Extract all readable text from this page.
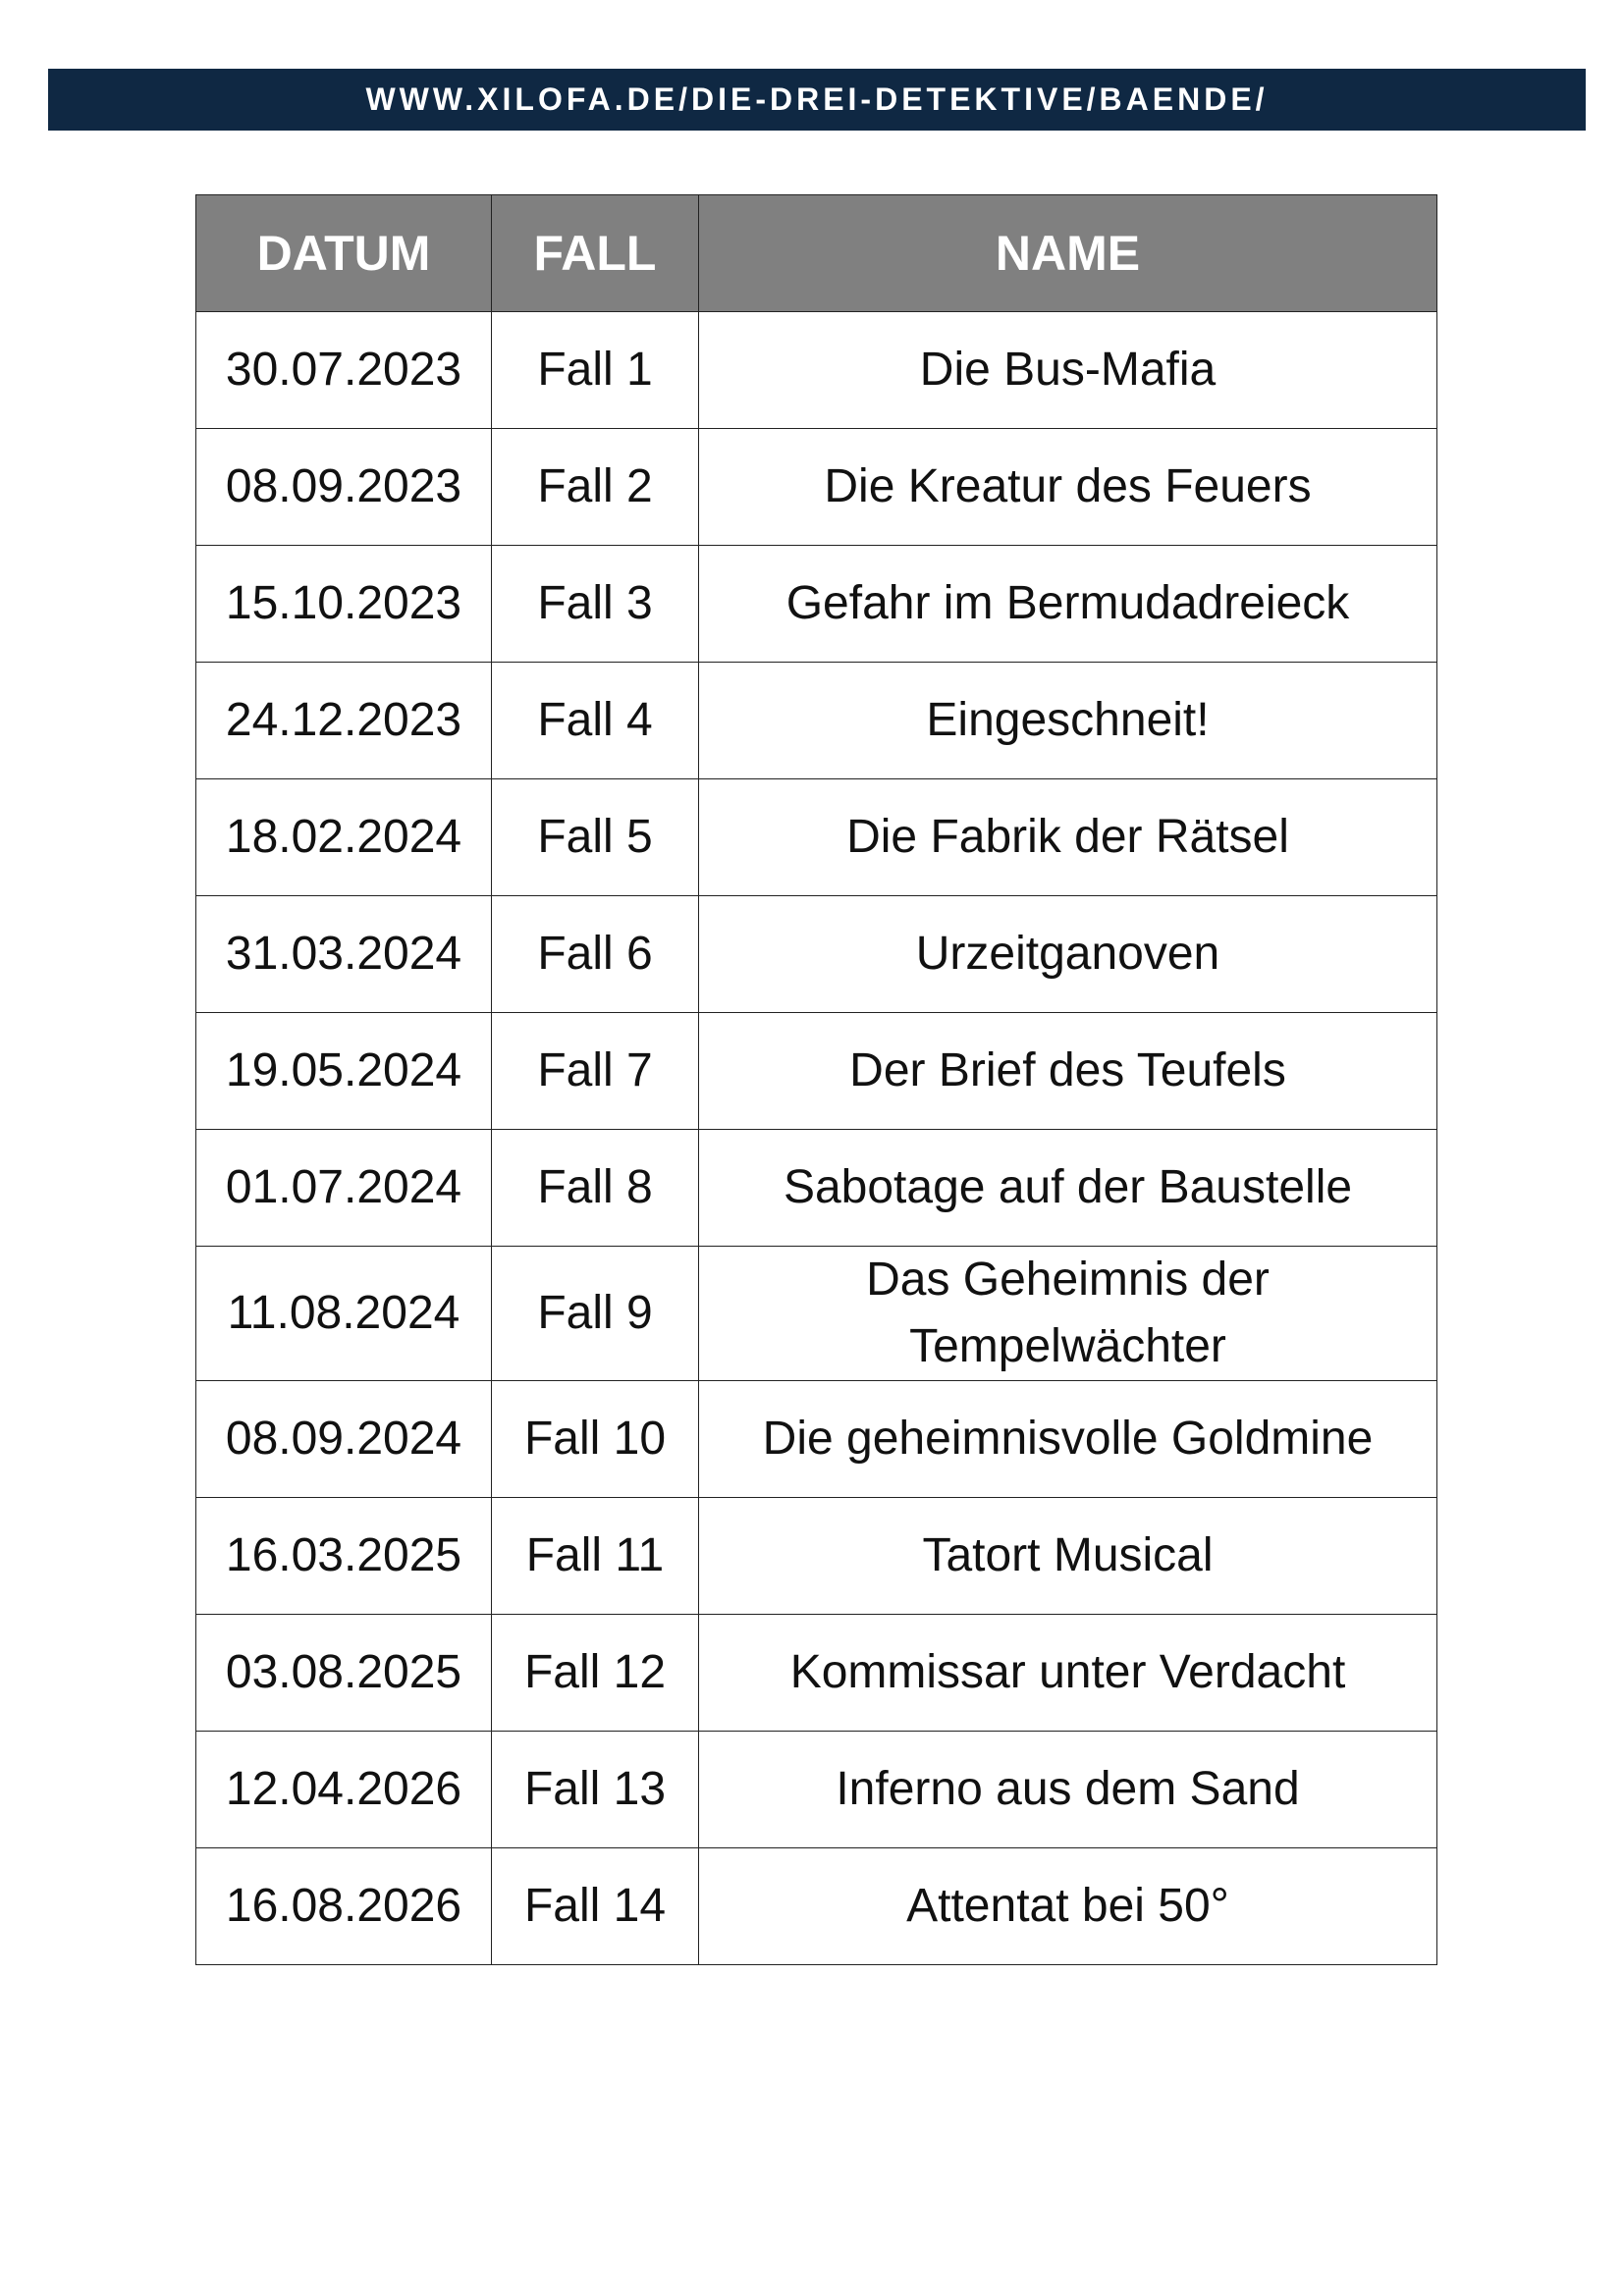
WWW.XILOFA.DE/DIE-DREI-DETEKTIVE/BAENDE/
DATUM	FALL	NAME
30.07.2023	Fall 1	Die Bus-Mafia
08.09.2023	Fall 2	Die Kreatur des Feuers
15.10.2023	Fall 3	Gefahr im Bermudadreieck
24.12.2023	Fall 4	Eingeschneit!
18.02.2024	Fall 5	Die Fabrik der Rätsel
31.03.2024	Fall 6	Urzeitganoven
19.05.2024	Fall 7	Der Brief des Teufels
01.07.2024	Fall 8	Sabotage auf der Baustelle
11.08.2024	Fall 9	Das Geheimnis der Tempelwächter
08.09.2024	Fall 10	Die geheimnisvolle Goldmine
16.03.2025	Fall 11	Tatort Musical
03.08.2025	Fall 12	Kommissar unter Verdacht
12.04.2026	Fall 13	Inferno aus dem Sand
16.08.2026	Fall 14	Attentat bei 50°
